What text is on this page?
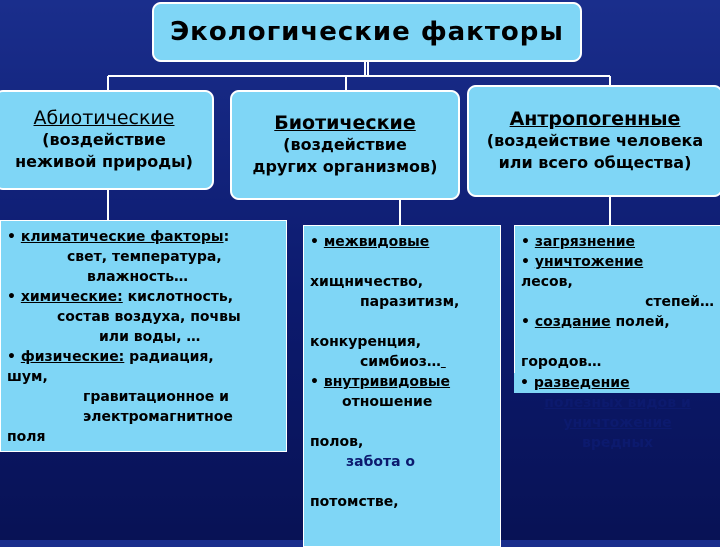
Экологические факторы
Абиотические
(воздействие
неживой природы)
Биотические
(воздействие
других организмов)
Антропогенные
(воздействие человека
или всего общества)
• климатические факторы:
свет, температура,
влажность…
• химические: кислотность,
состав воздуха, почвы
или воды, …
• физические: радиация,
шум,
гравитационное и
электромагнитное
поля
• межвидовые
хищничество,
паразитизм,
конкуренция,
симбиоз…
• внутривидовые
отношение
полов,
забота о
потомстве,
• загрязнение
• уничтожение
лесов,
степей…
• создание полей,
городов…
• разведение
полезных видов и
уничтожение
вредных
